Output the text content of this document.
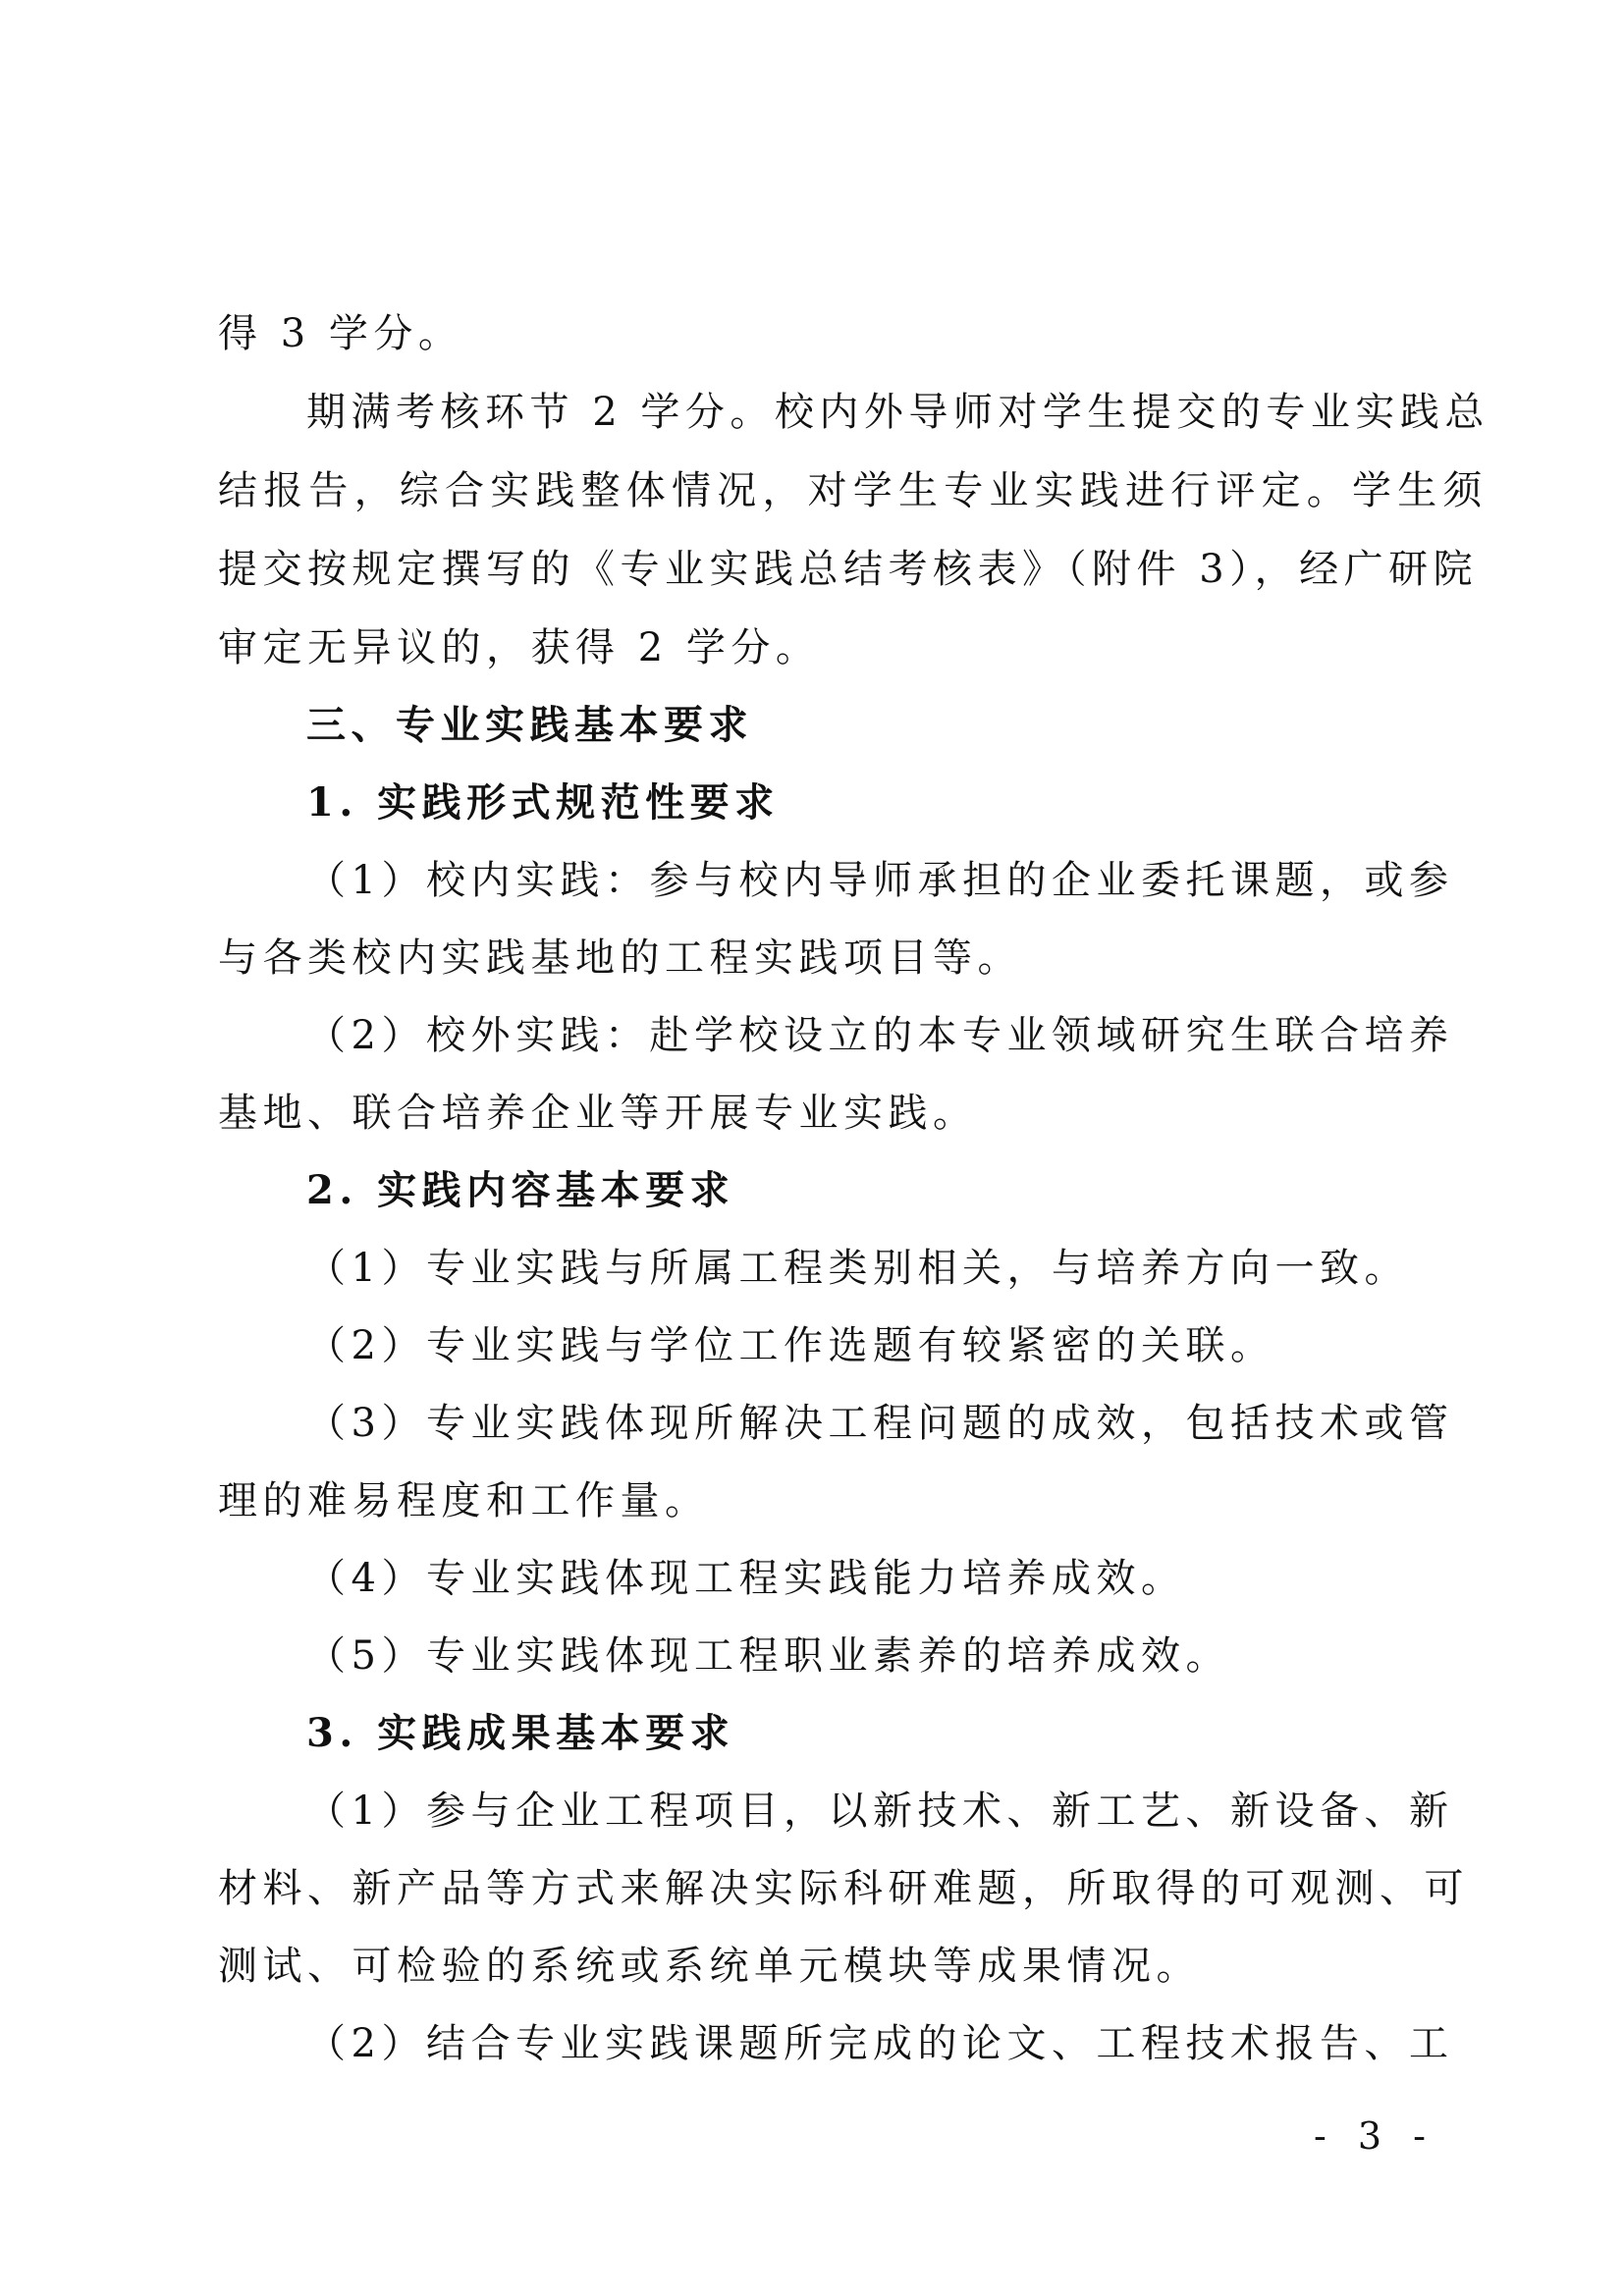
得 3 学分。
期满考核环节 2 学分。校内外导师对学生提交的专业实践总
结报告，综合实践整体情况，对学生专业实践进行评定。学生须
提交按规定撰写的《专业实践总结考核表》（附件 3），经广研院
审定无异议的，获得 2 学分。
三、专业实践基本要求
1. 实践形式规范性要求
（1）校内实践：参与校内导师承担的企业委托课题，或参
与各类校内实践基地的工程实践项目等。
（2）校外实践：赴学校设立的本专业领域研究生联合培养
基地、联合培养企业等开展专业实践。
2. 实践内容基本要求
（1）专业实践与所属工程类别相关，与培养方向一致。
（2）专业实践与学位工作选题有较紧密的关联。
（3）专业实践体现所解决工程问题的成效，包括技术或管
理的难易程度和工作量。
（4）专业实践体现工程实践能力培养成效。
（5）专业实践体现工程职业素养的培养成效。
3. 实践成果基本要求
（1）参与企业工程项目，以新技术、新工艺、新设备、新
材料、新产品等方式来解决实际科研难题，所取得的可观测、可
测试、可检验的系统或系统单元模块等成果情况。
（2）结合专业实践课题所完成的论文、工程技术报告、工
- 3 -
